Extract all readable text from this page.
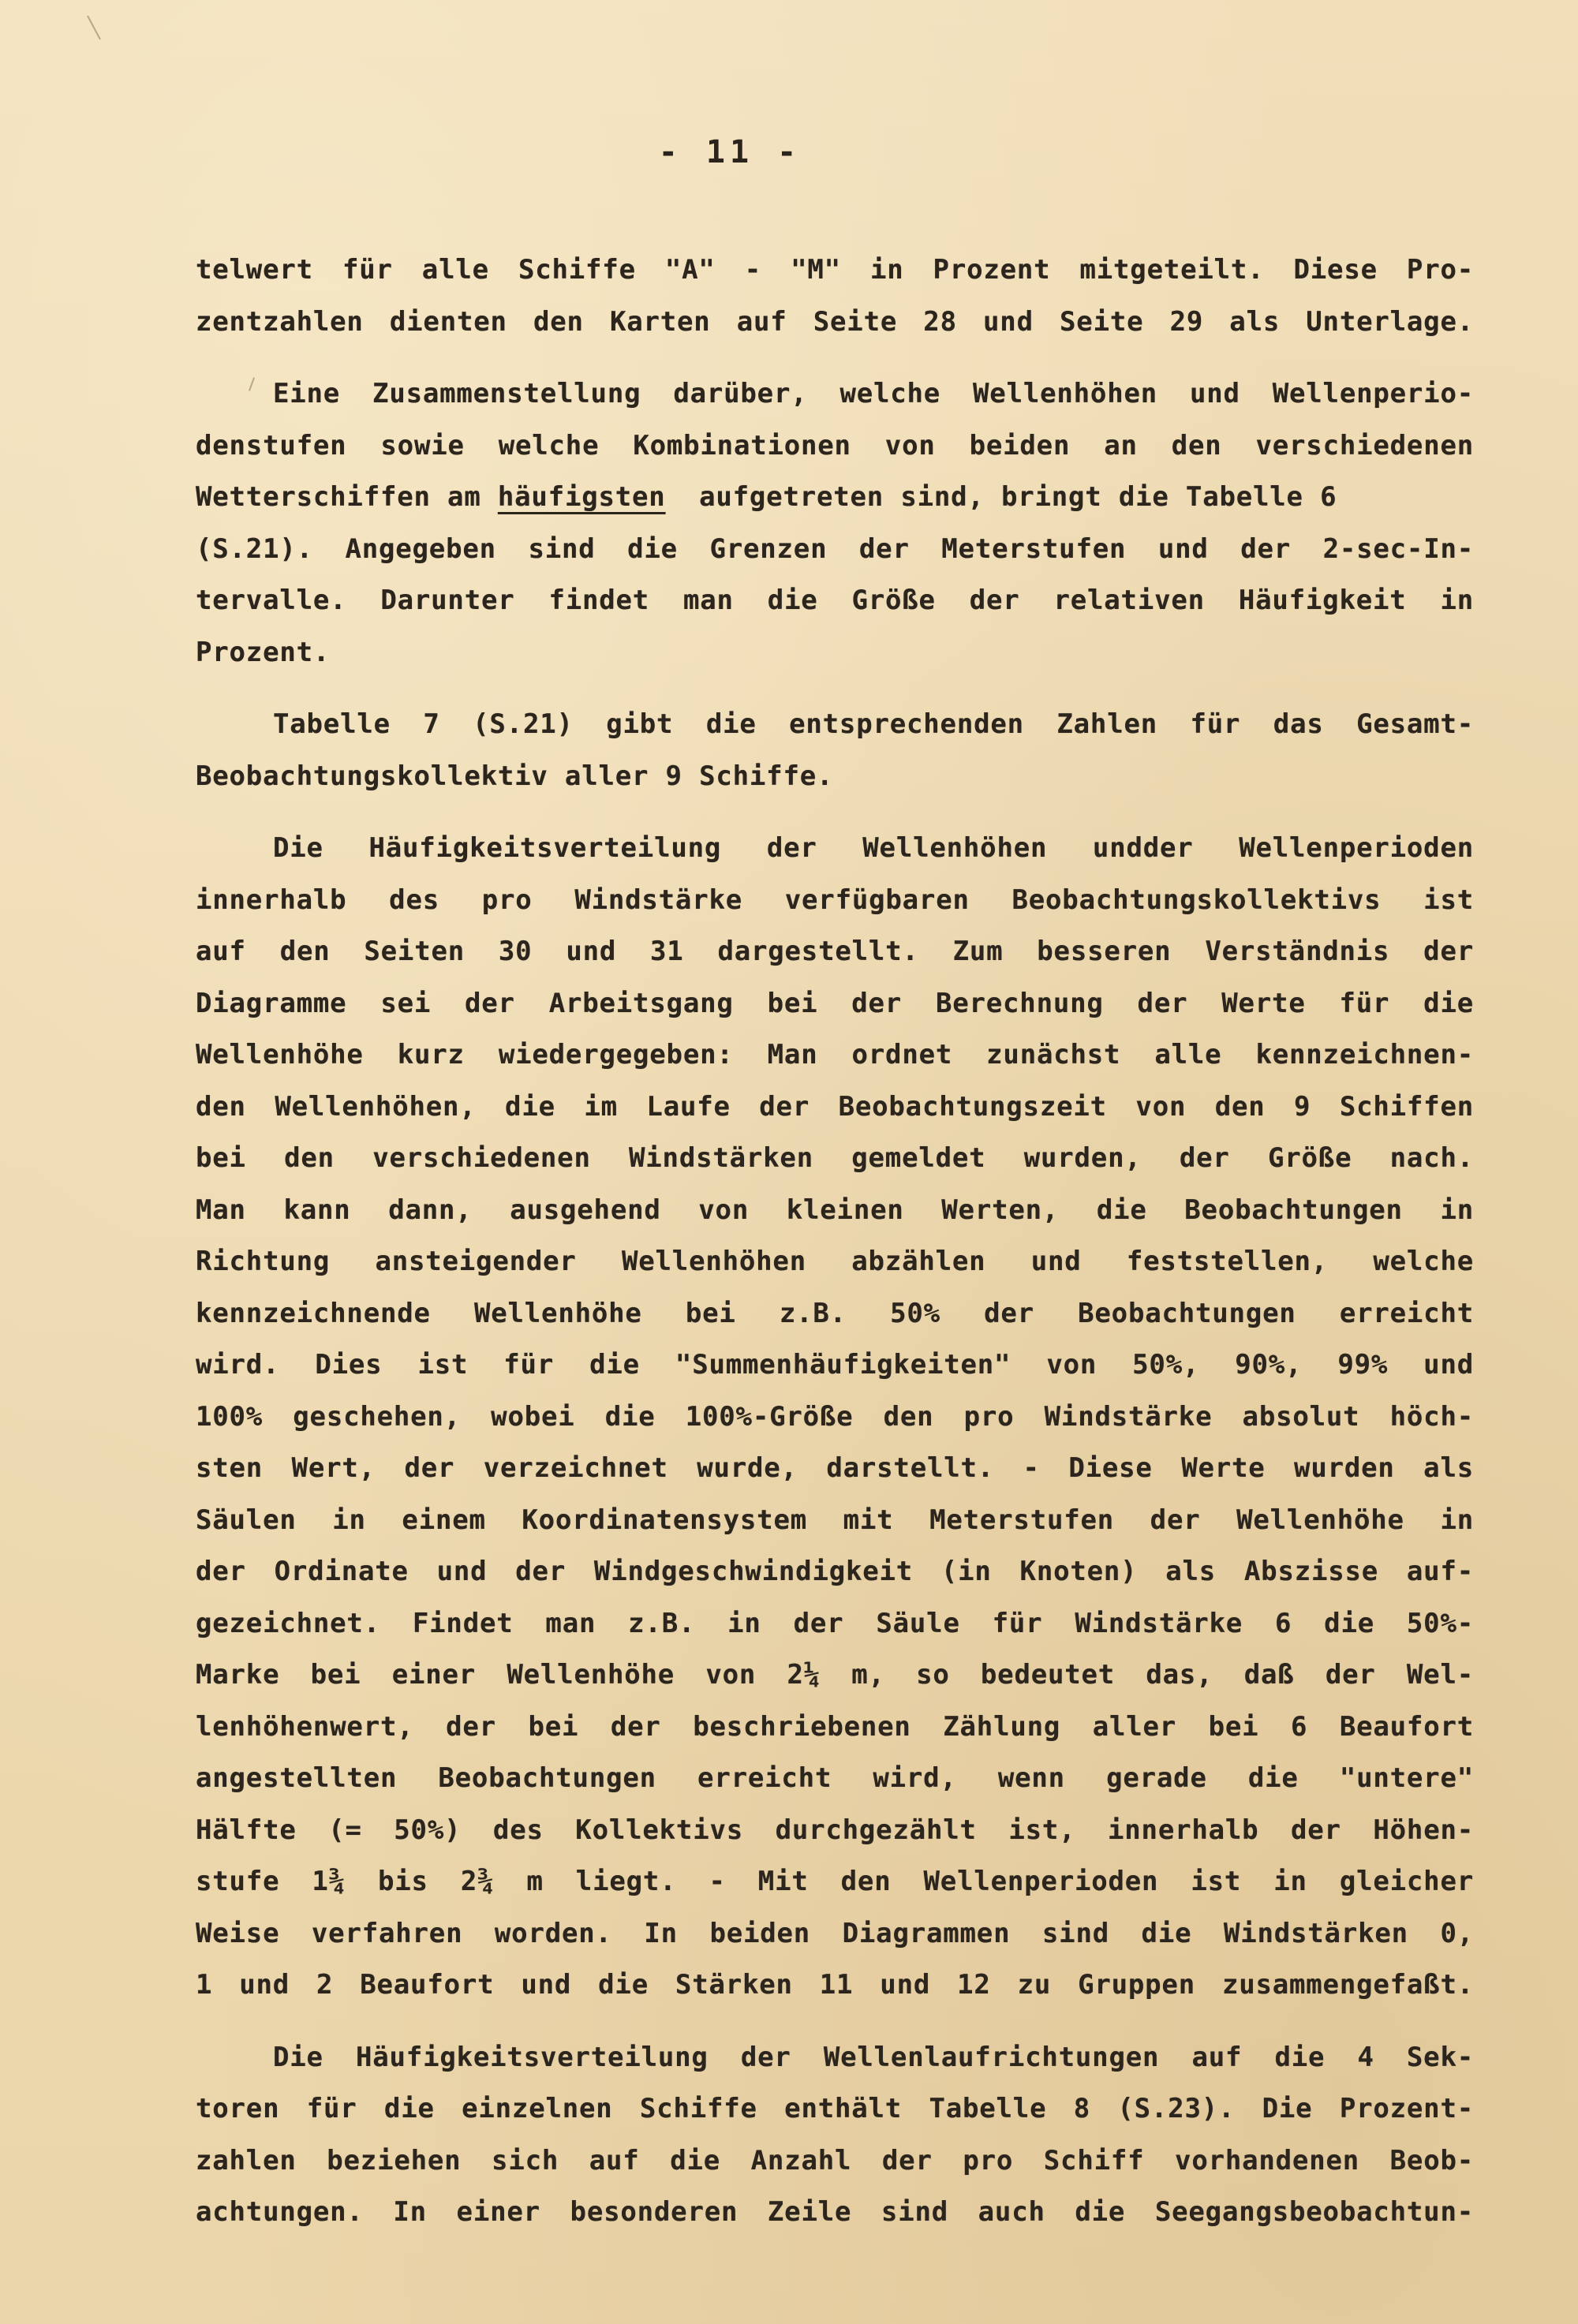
- 11 -
telwert für alle Schiffe "A" - "M" in Prozent mitgeteilt. Diese Pro-
zentzahlen dienten den Karten auf Seite 28 und Seite 29 als Unterlage.
Eine Zusammenstellung darüber, welche Wellenhöhen und Wellenperio-
denstufen sowie welche Kombinationen von beiden an den verschiedenen
Wetterschiffen am häufigsten  aufgetreten sind, bringt die Tabelle 6
(S.21). Angegeben sind die Grenzen der Meterstufen und der 2-sec-In-
tervalle. Darunter findet man die Größe der relativen Häufigkeit in
Prozent.
Tabelle 7 (S.21) gibt die entsprechenden Zahlen für das Gesamt-
Beobachtungskollektiv aller 9 Schiffe.
Die Häufigkeitsverteilung der Wellenhöhen undder Wellenperioden
innerhalb des pro Windstärke verfügbaren Beobachtungskollektivs ist
auf den Seiten 30 und 31 dargestellt. Zum besseren Verständnis der
Diagramme sei der Arbeitsgang bei der Berechnung der Werte für die
Wellenhöhe kurz wiedergegeben: Man ordnet zunächst alle kennzeichnen-
den Wellenhöhen, die im Laufe der Beobachtungszeit von den 9 Schiffen
bei den verschiedenen Windstärken gemeldet wurden, der Größe nach.
Man kann dann, ausgehend von kleinen Werten, die Beobachtungen in
Richtung ansteigender Wellenhöhen abzählen und feststellen, welche
kennzeichnende Wellenhöhe bei z.B. 50% der Beobachtungen erreicht
wird. Dies ist für die "Summenhäufigkeiten" von 50%, 90%, 99% und
100% geschehen, wobei die 100%-Größe den pro Windstärke absolut höch-
sten Wert, der verzeichnet wurde, darstellt. - Diese Werte wurden als
Säulen in einem Koordinatensystem mit Meterstufen der Wellenhöhe in
der Ordinate und der Windgeschwindigkeit (in Knoten) als Abszisse auf-
gezeichnet. Findet man z.B. in der Säule für Windstärke 6 die 50%-
Marke bei einer Wellenhöhe von 2¼ m, so bedeutet das, daß der Wel-
lenhöhenwert, der bei der beschriebenen Zählung aller bei 6 Beaufort
angestellten Beobachtungen erreicht wird, wenn gerade die "untere"
Hälfte (= 50%) des Kollektivs durchgezählt ist, innerhalb der Höhen-
stufe 1¾ bis 2¾ m liegt. - Mit den Wellenperioden ist in gleicher
Weise verfahren worden. In beiden Diagrammen sind die Windstärken 0,
1 und 2 Beaufort und die Stärken 11 und 12 zu Gruppen zusammengefaßt.
Die Häufigkeitsverteilung der Wellenlaufrichtungen auf die 4 Sek-
toren für die einzelnen Schiffe enthält Tabelle 8 (S.23). Die Prozent-
zahlen beziehen sich auf die Anzahl der pro Schiff vorhandenen Beob-
achtungen. In einer besonderen Zeile sind auch die Seegangsbeobachtun-
